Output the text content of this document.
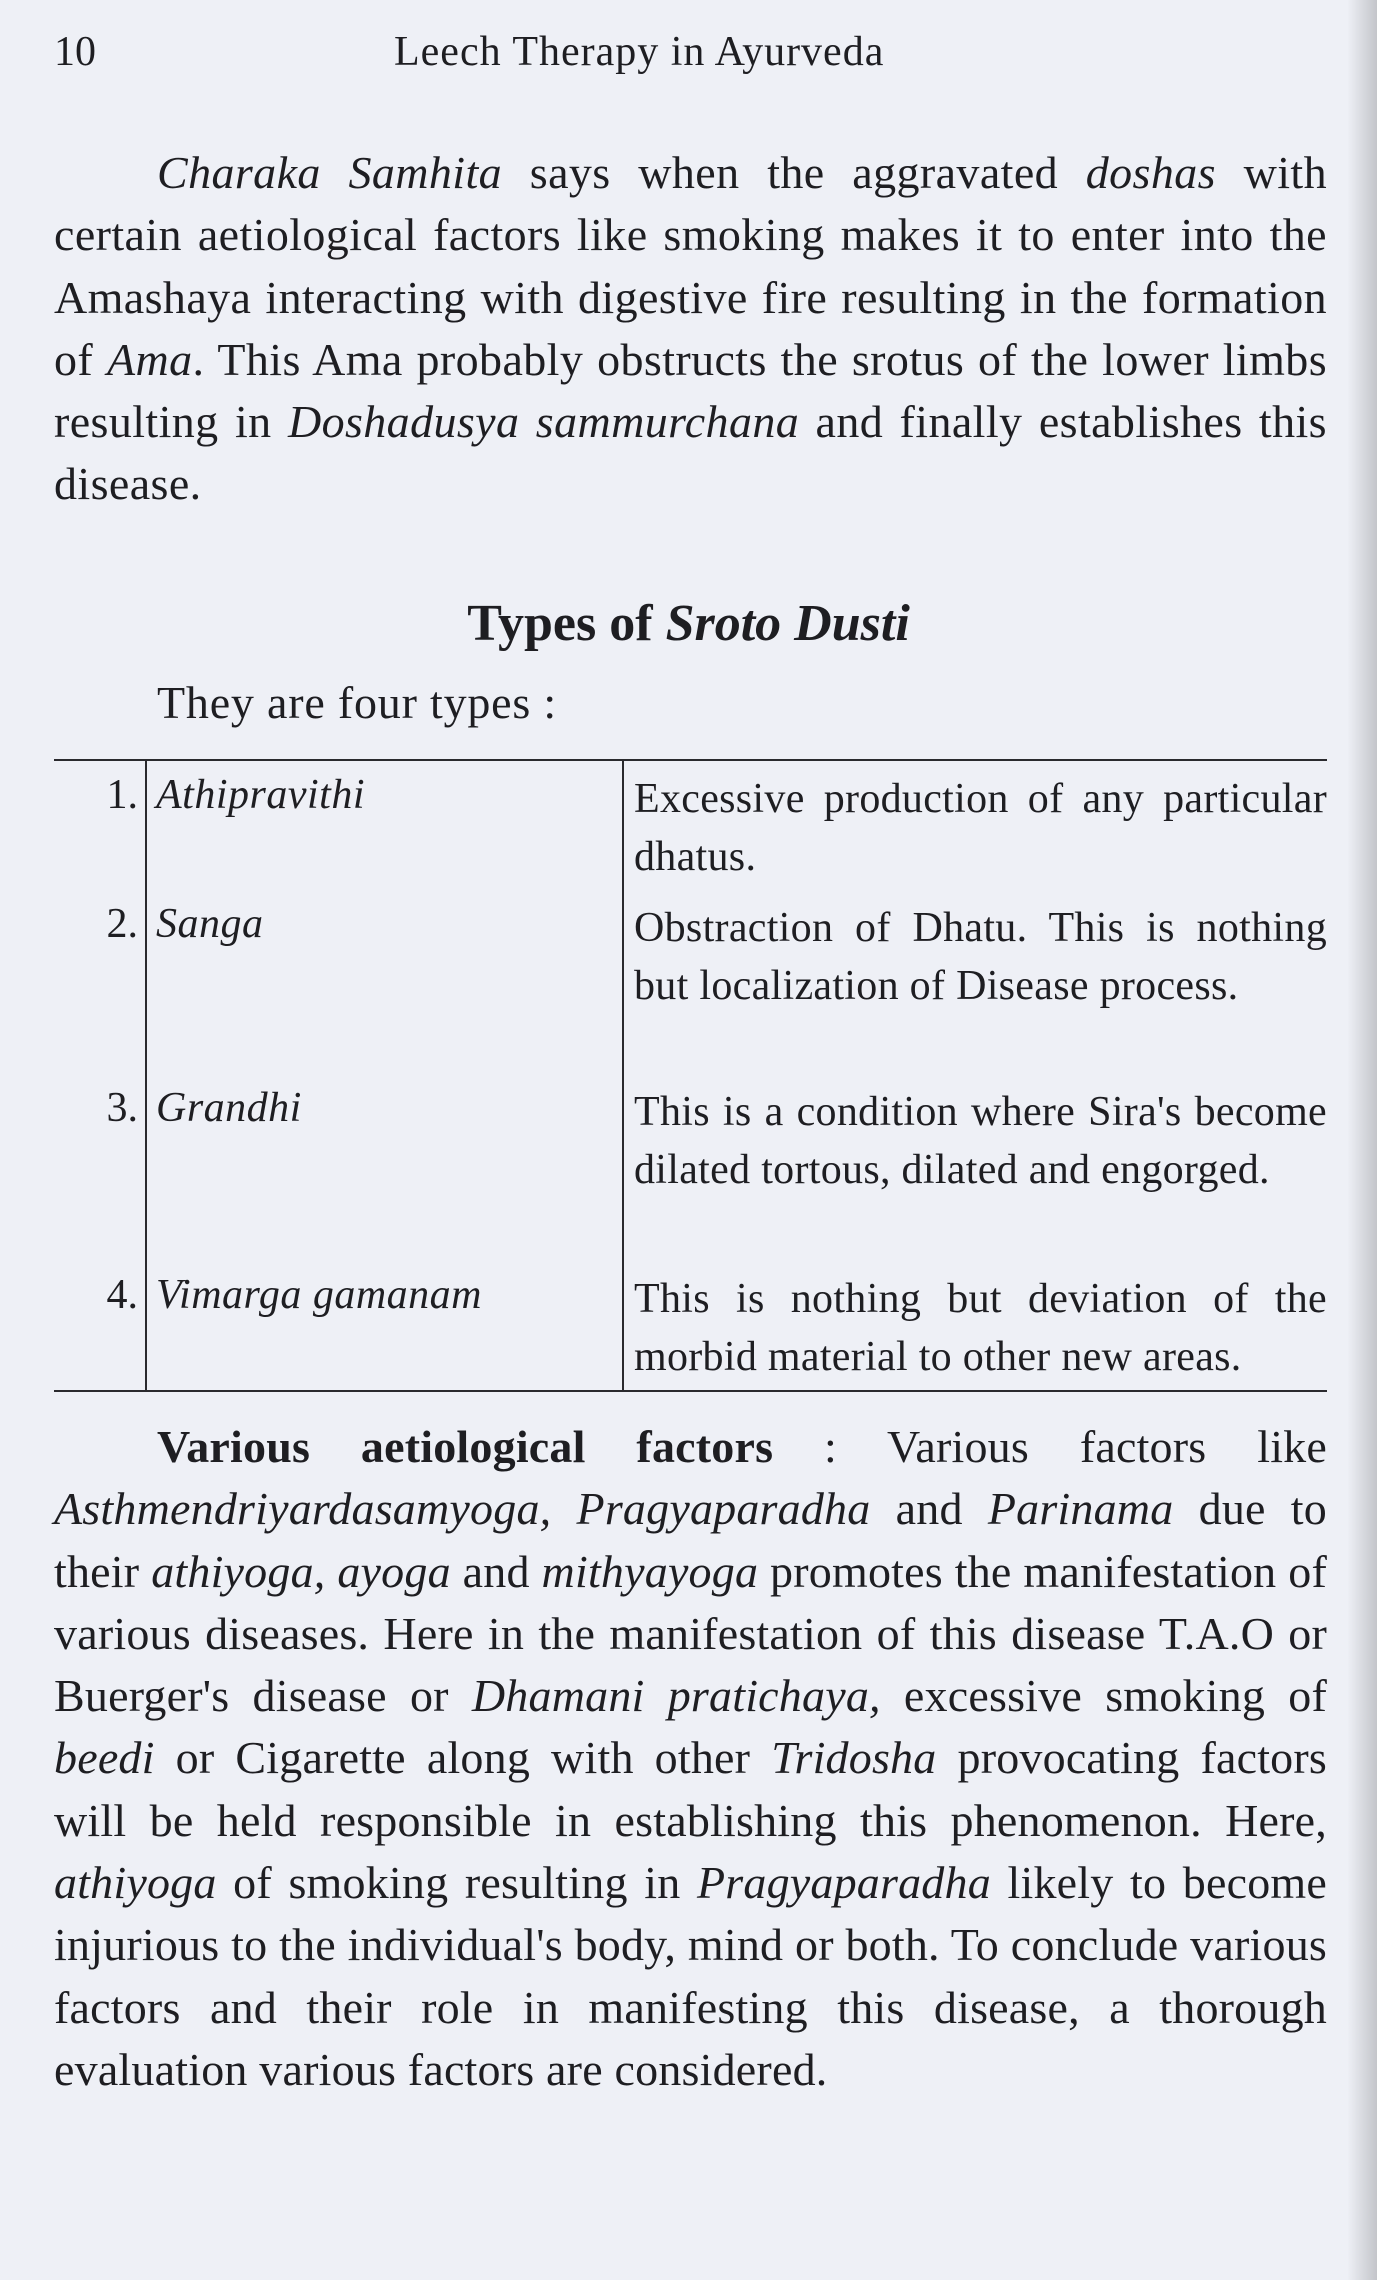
10	Leech Therapy in Ayurveda

Charaka Samhita says when the aggravated doshas with certain aetiological factors like smoking makes it to enter into the Amashaya interacting with digestive fire resulting in the formation of Ama. This Ama probably obstructs the srotus of the lower limbs resulting in Doshadusya sammurchana and finally establishes this disease.

Types of Sroto Dusti
They are four types :
1. Athipravithi	Excessive production of any particular dhatus.
2. Sanga	Obstraction of Dhatu. This is nothing but localization of Disease process.
3. Grandhi	This is a condition where Sira's become dilated tortous, dilated and engorged.
4. Vimarga gamanam	This is nothing but deviation of the morbid material to other new areas.

Various aetiological factors : Various factors like Asthmendriyardasamyoga, Pragyaparadha and Parinama due to their athiyoga, ayoga and mithyayoga promotes the manifestation of various diseases. Here in the manifestation of this disease T.A.O or Buerger's disease or Dhamani pratichaya, excessive smoking of beedi or Cigarette along with other Tridosha provocating factors will be held responsible in establishing this phenomenon. Here, athiyoga of smoking resulting in Pragyaparadha likely to become injurious to the individual's body, mind or both. To conclude various factors and their role in manifesting this disease, a thorough evaluation various factors are considered.
